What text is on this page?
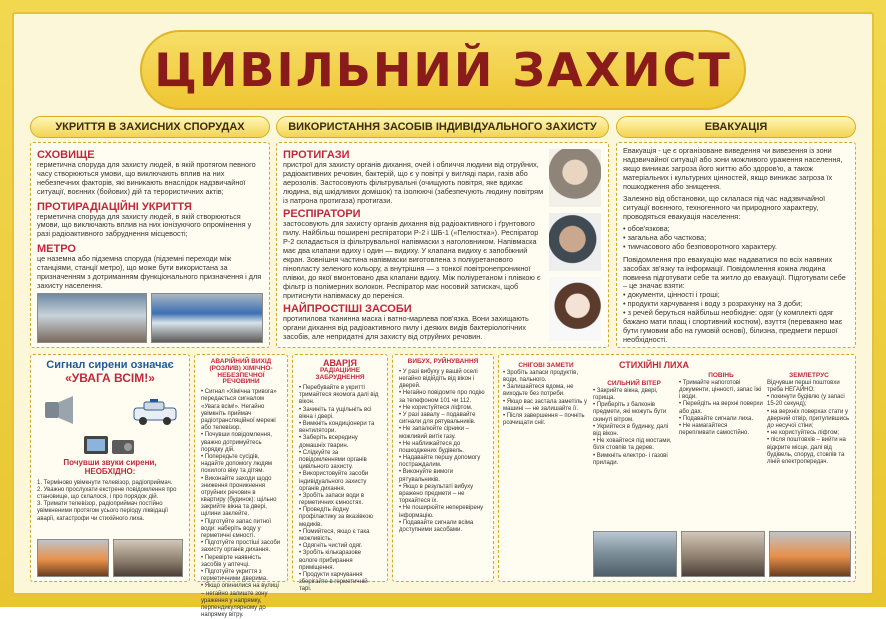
ЦИВІЛЬНИЙ ЗАХИСТ
УКРИТТЯ В ЗАХИСНИХ СПОРУДАХ	ВИКОРИСТАННЯ ЗАСОБІВ ІНДИВІДУАЛЬНОГО ЗАХИСТУ	ЕВАКУАЦІЯ
СХОВИЩЕ
герметична споруда для захисту людей, в якій протягом певного часу створюються умови, що виключають вплив на них небезпечних факторів, які виникають внаслідок надзвичайної ситуації, воєнних (бойових) дій та терористичних актів;
ПРОТИРАДІАЦІЙНІ УКРИТТЯ
герметична споруда для захисту людей, в якій створюються умови, що виключають вплив на них іонізуючого опромінення у разі радіоактивного забруднення місцевості;
МЕТРО
це наземна або підземна споруда (підземні переходи між станціями, станції метро), що може бути використана за призначенням з дотриманням функціонального призначення і для захисту населення.
ПРОТИГАЗИ
пристрої для захисту органів дихання, очей і обличчя людини від отруйних, радіоактивних речовин, бактерій, що є у повітрі у вигляді пари, газів або аерозолів. Застосовують фільтрувальні (очищують повітря, яке вдихає людина, від шкідливих домішок) та ізолюючі (забезпечують людину повітрям із патрона протигаза) протигази.
РЕСПІРАТОРИ
застосовують для захисту органів дихання від радіоактивного і ґрунтового пилу. Найбільш поширені респіратори Р-2 і ШБ-1 («Пелюстка»). Респіратор Р-2 складається із фільтрувальної напівмаски з наголовником. Напівмаска має два клапани вдиху і один — видиху. У клапана видиху є запобіжний екран. Зовнішня частина напівмаски виготовлена з поліуретанового пінопласту зеленого кольору, а внутрішня — з тонкої повітронепроникної плівки, до якої вмонтовано два клапани вдиху. Між поліуретаном і плівкою є фільтр із полімерних волокон. Респіратор має носовий затискач, щоб притиснути напівмаску до переніся.
НАЙПРОСТІШІ ЗАСОБИ
протипилова тканинна маска і ватно-марлева пов'язка. Вони захищають органи дихання від радіоактивного пилу і деяких видів бактеріологічних засобів, але непридатні для захисту від отруйних речовин.
Евакуація - це є організоване виведення чи вивезення із зони надзвичайної ситуації або зони можливого ураження населення, якщо виникає загроза його життю або здоров'ю, а також матеріальних і культурних цінностей, якщо виникає загроза їх пошкодження або знищення.
Залежно від обстановки, що склалася під час надзвичайної ситуації воєнного, техногенного чи природного характеру, проводяться евакуація населення:
• обов'язкова;
• загальна або часткова;
• тимчасового або безповоротного характеру.
Повідомлення про евакуацію має надаватися по всіх наявних засобах зв'язку та інформації. Повідомлення кожна людина повинна підготувати себе та житло до евакуації. Підготувати себе – це значає взяти:
• документи, цінності і гроші;
• продукти харчування і воду з розрахунку на 3 доби;
• з речей беруться найбільш необхідне: одяг (у комплекті одяг бажано мати плащ і спортивний костюм), взуття (переважно має бути гумовим або на гумовій основі), білизна, предмети першої необхідності.
Сигнал сирени означає
«УВАГА ВСІМ!»
Почувши звуки сирени, НЕОБХІДНО:
1. Терміново увімкнути телевізор, радіоприймач.
2. Уважно прослухати екстрене повідомлення про становище, що склалося, і про порядок дій.
3. Тримати телевізор, радіоприймач постійно увімкненими протягом усього періоду ліквідації аварії, катастрофи чи стихійного лиха.
АВАРІЙНИЙ ВИХІД (РОЗЛИВ) ХІМІЧНО-НЕБЕЗПЕЧНОЇ РЕЧОВИНИ
• Сигнал «Хімічна тривога» передається сигналом «Увага всім!». Негайно увімкніть приймач радіотрансляційної мережі або телевізор.
• Почувши повідомлення, уважно дотримуйтесь порядку дій.
• Попередьте сусідів, надайте допомогу людям похилого віку та дітям.
• Виконайте заходи щодо зниження проникнення отруйних речовин в квартиру (будинок): щільно закрийте вікна та двері, щілини заклейте.
• Підготуйте запас питної води: наберіть воду у герметичні ємності.
• Підготуйте простіші засоби захисту органів дихання.
• Перевірте наявність засобів у аптечці.
• Підготуйте укриття з герметичними дверима.
• Якщо опинилися на вулиці – негайно залиште зону ураження у напрямку, перпендикулярному до напрямку вітру.
АВАРІЯ
РАДІАЦІЙНЕ ЗАБРУДНЕННЯ
• Перебувайте в укритті тримайтеся якомога далі від вікон.
• Зачиніть та ущільніть всі вікна і двері.
• Вимкніть кондиціонери та вентилятори.
• Заберіть всередину домашніх тварин.
• Слідкуйте за повідомленнями органів цивільного захисту.
• Використовуйте засоби індивідуального захисту органів дихання.
• Зробіть запаси води в герметичних ємностях.
• Проведіть йодну профілактику за вказівкою медиків.
• Помийтеся, якщо є така можливість.
• Одягніть чистий одяг.
• Зробіть кількаразове вологе прибирання приміщення.
• Продукти харчування зберігайте в герметичній тарі.
ВИБУХ, РУЙНУВАННЯ
• У разі вибуху у вашій оселі негайно відійдіть від вікон і дверей.
• Негайно повідомте про подію за телефоном 101 чи 112.
• Не користуйтеся ліфтом.
• У разі завалу – подавайте сигнали для рятувальників.
• Не запалюйте сірники – можливий витік газу.
• Не наближайтеся до пошкоджених будівель.
• Надавайте першу допомогу постраждалим.
• Виконуйте вимоги рятувальників.
• Якщо в результаті вибуху вражено предмети – не торкайтеся їх.
• Не поширюйте неперевірену інформацію.
• Подавайте сигнали всіма доступними засобами.
СТИХІЙНІ ЛИХА
СНІГОВІ ЗАМЕТИ
• Зробіть запаси продуктів, води, пального.
• Залишайтеся вдома, не виходьте без потреби.
• Якщо вас застала заметіль у машині — не залишайте її.
• Після завершення – почніть розчищати сніг.
СИЛЬНИЙ ВІТЕР
• Закрийте вікна, двері, горища.
• Приберіть з балконів предмети, які можуть бути скинуті вітром.
• Укрийтеся в будинку, далі від вікон.
• Не ховайтеся під мостами, біля стовпів та дерев.
• Вимкніть електро- і газові прилади.
ПОВІНЬ
• Тримайте напоготові документи, цінності, запас їжі і води.
• Перейдіть на верхні поверхи або дах.
• Подавайте сигнали лиха.
• Не намагайтеся перепливати самостійно.
ЗЕМЛЕТРУС
Відчувши перші поштовхи треба НЕГАЙНО:
• покинути будівлю (у запасі 15-20 секунд);
• на верхніх поверхах стати у дверний отвір, притулившись до несучої стіни;
• не користуйтесь ліфтом;
• після поштовхів – вийти на відкрите місце, далі від будівель, споруд, стовпів та ліній електропередач.
